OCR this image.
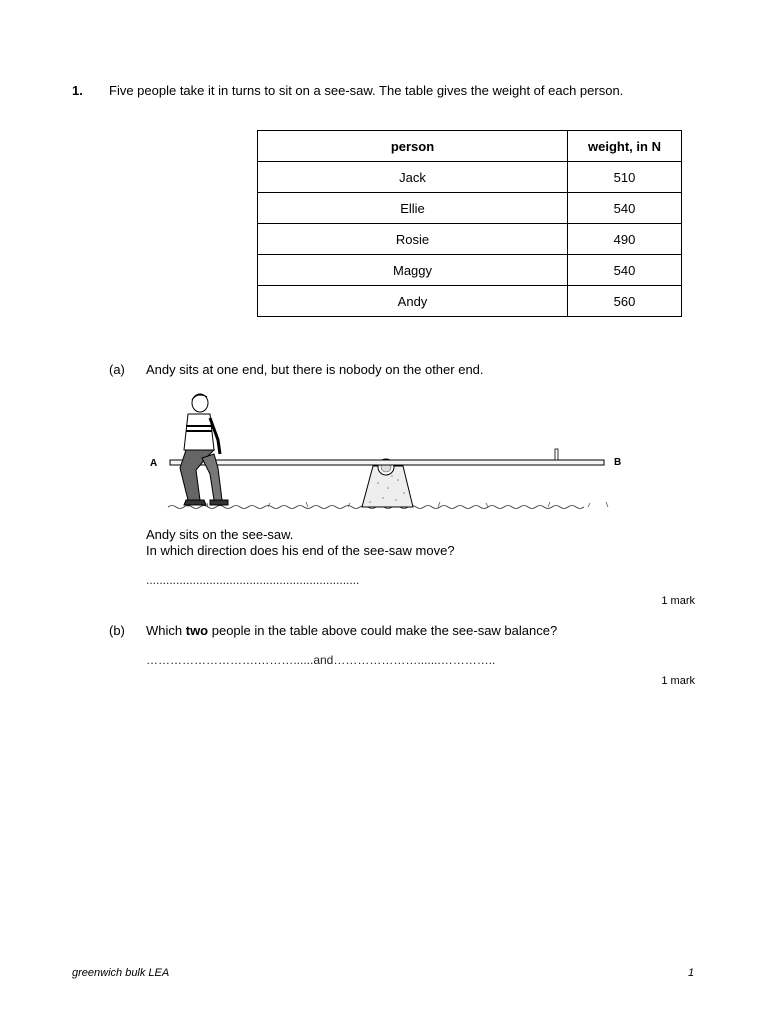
1. Five people take it in turns to sit on a see-saw. The table gives the weight of each person.
person	weight, in N
Jack	510
Ellie	540
Rosie	490
Maggy	540
Andy	560
(a) Andy sits at one end, but there is nobody on the other end.
A	B
Andy sits on the see-saw.
In which direction does his end of the see-saw move?
................................................................
1 mark
(b) Which two people in the table above could make the see-saw balance?
……………………….………......and………………….......…………..
1 mark
greenwich bulk LEA	1
